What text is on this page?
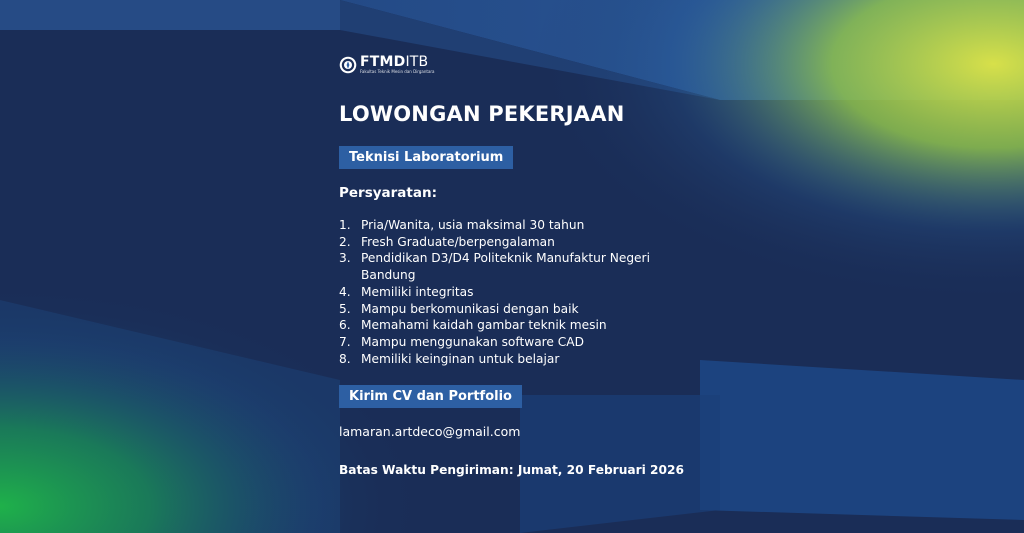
FTMDITB
Fakultas Teknik Mesin dan Dirgantara
LOWONGAN PEKERJAAN
Teknisi Laboratorium
Persyaratan:
1. Pria/Wanita, usia maksimal 30 tahun
2. Fresh Graduate/berpengalaman
3. Pendidikan D3/D4 Politeknik Manufaktur Negeri Bandung
4. Memiliki integritas
5. Mampu berkomunikasi dengan baik
6. Memahami kaidah gambar teknik mesin
7. Mampu menggunakan software CAD
8. Memiliki keinginan untuk belajar
Kirim CV dan Portfolio
lamaran.artdeco@gmail.com
Batas Waktu Pengiriman: Jumat, 20 Februari 2026
